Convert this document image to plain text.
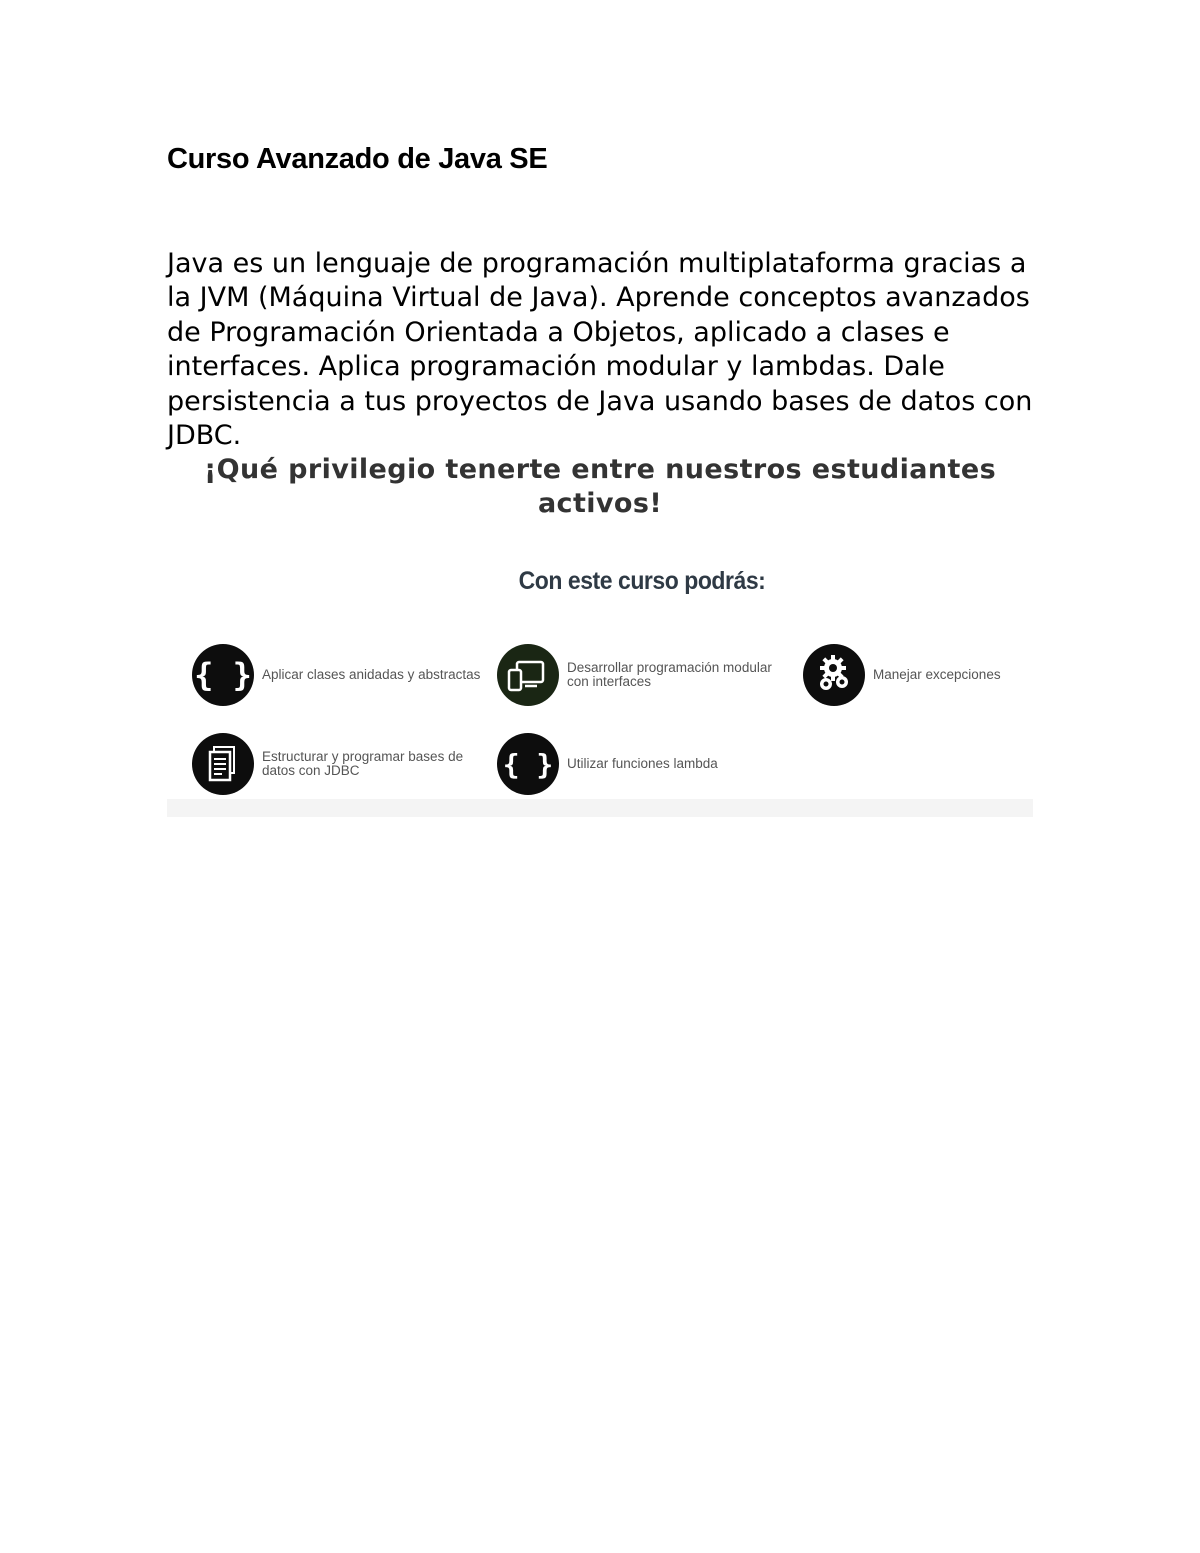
Curso Avanzado de Java SE

Java es un lenguaje de programación multiplataforma gracias a la JVM (Máquina Virtual de Java). Aprende conceptos avanzados de Programación Orientada a Objetos, aplicado a clases e interfaces. Aplica programación modular y lambdas. Dale persistencia a tus proyectos de Java usando bases de datos con JDBC.

¡Qué privilegio tenerte entre nuestros estudiantes activos!

Con este curso podrás:
{ } Aplicar clases anidadas y abstractas	Desarrollar programación modular con interfaces	Manejar excepciones
Estructurar y programar bases de datos con JDBC	{ } Utilizar funciones lambda
